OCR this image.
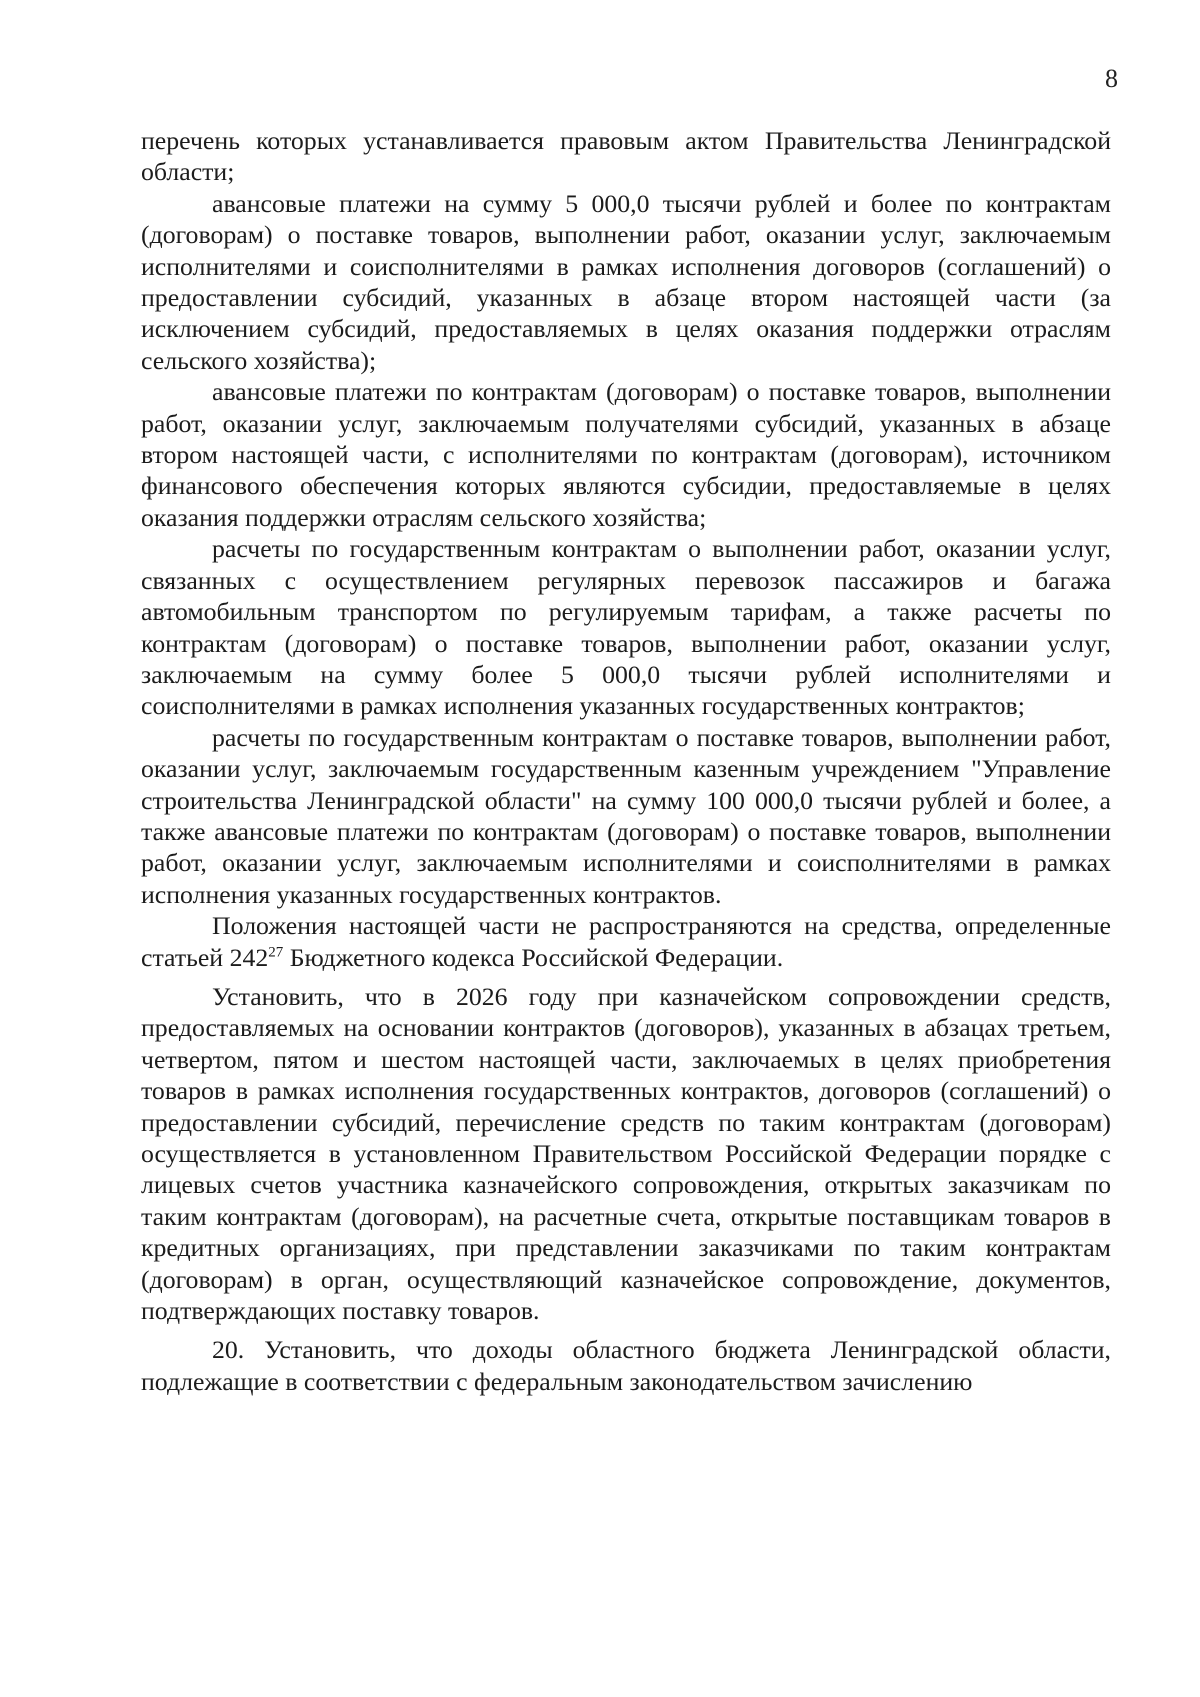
8

перечень которых устанавливается правовым актом Правительства Ленинградской области;

авансовые платежи на сумму 5 000,0 тысячи рублей и более по контрактам (договорам) о поставке товаров, выполнении работ, оказании услуг, заключаемым исполнителями и соисполнителями в рамках исполнения договоров (соглашений) о предоставлении субсидий, указанных в абзаце втором настоящей части (за исключением субсидий, предоставляемых в целях оказания поддержки отраслям сельского хозяйства);

авансовые платежи по контрактам (договорам) о поставке товаров, выполнении работ, оказании услуг, заключаемым получателями субсидий, указанных в абзаце втором настоящей части, с исполнителями по контрактам (договорам), источником финансового обеспечения которых являются субсидии, предоставляемые в целях оказания поддержки отраслям сельского хозяйства;

расчеты по государственным контрактам о выполнении работ, оказании услуг, связанных с осуществлением регулярных перевозок пассажиров и багажа автомобильным транспортом по регулируемым тарифам, а также расчеты по контрактам (договорам) о поставке товаров, выполнении работ, оказании услуг, заключаемым на сумму более 5 000,0 тысячи рублей исполнителями и соисполнителями в рамках исполнения указанных государственных контрактов;

расчеты по государственным контрактам о поставке товаров, выполнении работ, оказании услуг, заключаемым государственным казенным учреждением "Управление строительства Ленинградской области" на сумму 100 000,0 тысячи рублей и более, а также авансовые платежи по контрактам (договорам) о поставке товаров, выполнении работ, оказании услуг, заключаемым исполнителями и соисполнителями в рамках исполнения указанных государственных контрактов.

Положения настоящей части не распространяются на средства, определенные статьей $242^{27}$ Бюджетного кодекса Российской Федерации.

Установить, что в 2026 году при казначейском сопровождении средств, предоставляемых на основании контрактов (договоров), указанных в абзацах третьем, четвертом, пятом и шестом настоящей части, заключаемых в целях приобретения товаров в рамках исполнения государственных контрактов, договоров (соглашений) о предоставлении субсидий, перечисление средств по таким контрактам (договорам) осуществляется в установленном Правительством Российской Федерации порядке с лицевых счетов участника казначейского сопровождения, открытых заказчикам по таким контрактам (договорам), на расчетные счета, открытые поставщикам товаров в кредитных организациях, при представлении заказчиками по таким контрактам (договорам) в орган, осуществляющий казначейское сопровождение, документов, подтверждающих поставку товаров.

20. Установить, что доходы областного бюджета Ленинградской области, подлежащие в соответствии с федеральным законодательством зачислению
